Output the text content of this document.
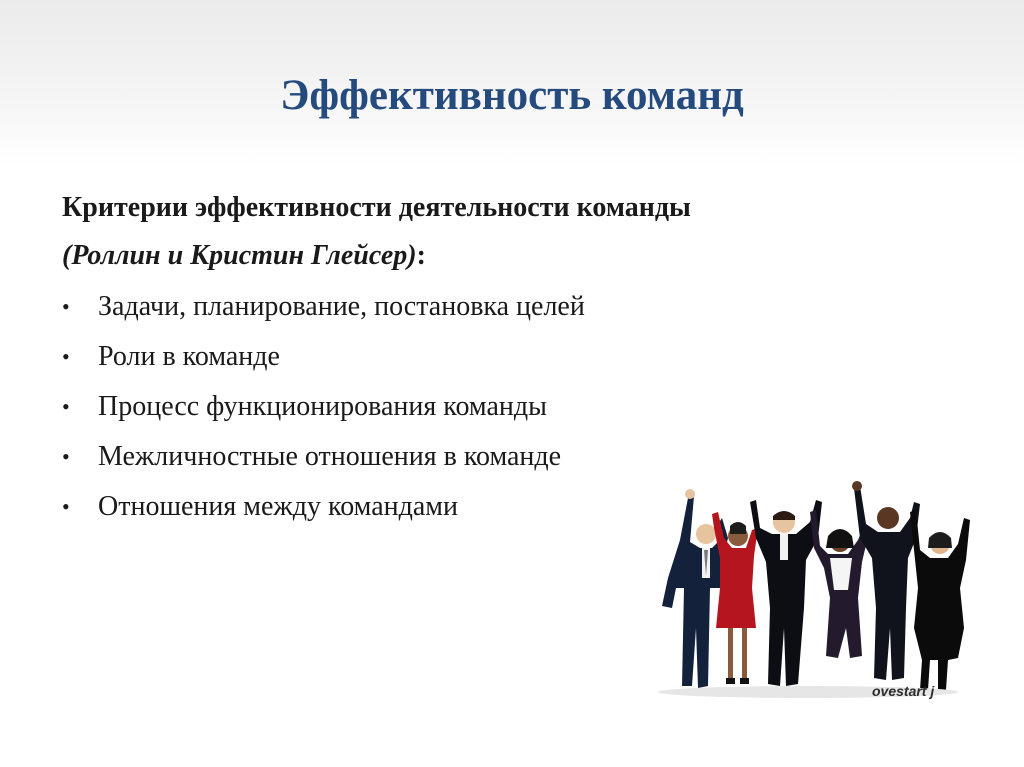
Эффективность команд

Критерии эффективности деятельности команды

(Роллин и Кристин Глейсер):

• Задачи, планирование, постановка целей
• Роли в команде
• Процесс функционирования команды
• Межличностные отношения в команде
• Отношения между командами
ovestart j
